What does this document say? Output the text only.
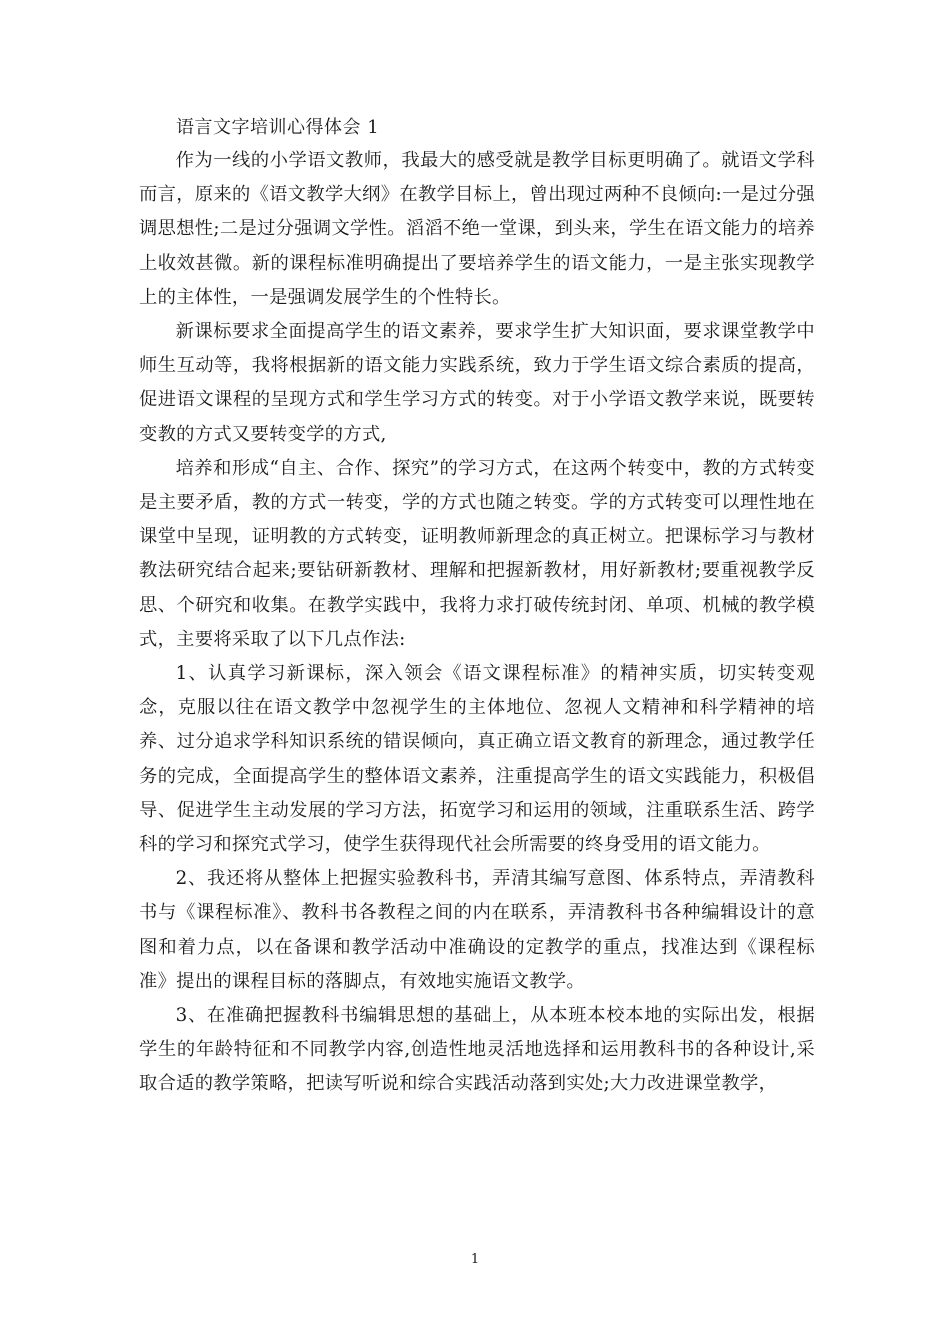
语言文字培训心得体会 1

作为一线的小学语文教师，我最大的感受就是教学目标更明确了。就语文学科而言，原来的《语文教学大纲》在教学目标上，曾出现过两种不良倾向:一是过分强调思想性;二是过分强调文学性。滔滔不绝一堂课，到头来，学生在语文能力的培养上收效甚微。新的课程标准明确提出了要培养学生的语文能力，一是主张实现教学上的主体性，一是强调发展学生的个性特长。

新课标要求全面提高学生的语文素养，要求学生扩大知识面，要求课堂教学中师生互动等，我将根据新的语文能力实践系统，致力于学生语文综合素质的提高，促进语文课程的呈现方式和学生学习方式的转变。对于小学语文教学来说，既要转变教的方式又要转变学的方式,

培养和形成“自主、合作、探究”的学习方式，在这两个转变中，教的方式转变是主要矛盾，教的方式一转变，学的方式也随之转变。学的方式转变可以理性地在课堂中呈现，证明教的方式转变，证明教师新理念的真正树立。把课标学习与教材教法研究结合起来;要钻研新教材、理解和把握新教材，用好新教材;要重视教学反思、个研究和收集。在教学实践中，我将力求打破传统封闭、单项、机械的教学模式，主要将采取了以下几点作法:

1、认真学习新课标，深入领会《语文课程标准》的精神实质，切实转变观念，克服以往在语文教学中忽视学生的主体地位、忽视人文精神和科学精神的培养、过分追求学科知识系统的错误倾向，真正确立语文教育的新理念，通过教学任务的完成，全面提高学生的整体语文素养，注重提高学生的语文实践能力，积极倡导、促进学生主动发展的学习方法，拓宽学习和运用的领域，注重联系生活、跨学科的学习和探究式学习，使学生获得现代社会所需要的终身受用的语文能力。

2、我还将从整体上把握实验教科书，弄清其编写意图、体系特点，弄清教科书与《课程标准》、教科书各教程之间的内在联系，弄清教科书各种编辑设计的意图和着力点，以在备课和教学活动中准确设的定教学的重点，找准达到《课程标准》提出的课程目标的落脚点，有效地实施语文教学。

3、在准确把握教科书编辑思想的基础上，从本班本校本地的实际出发，根据学生的年龄特征和不同教学内容,创造性地灵活地选择和运用教科书的各种设计,采取合适的教学策略，把读写听说和综合实践活动落到实处;大力改进课堂教学，

1
